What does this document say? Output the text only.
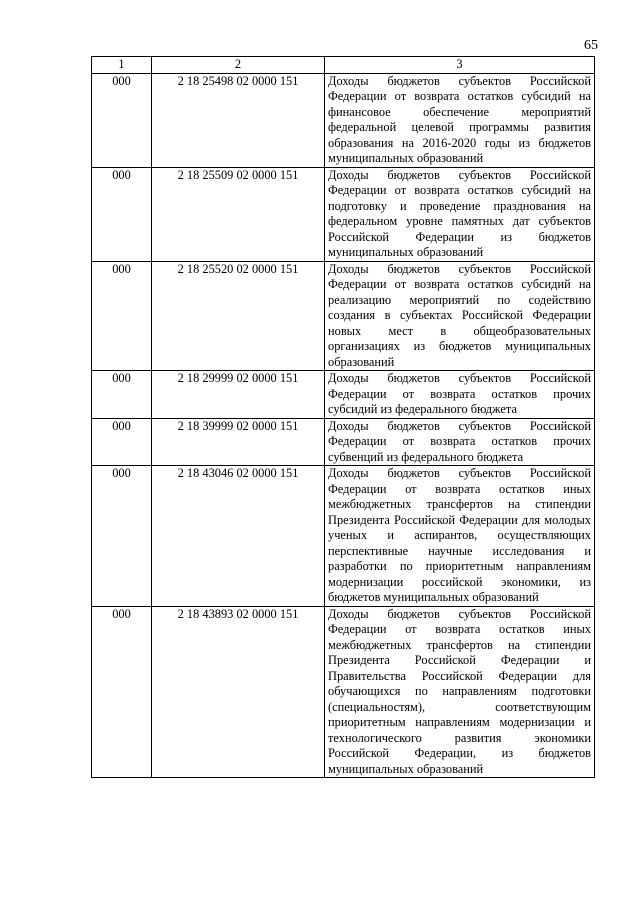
65
1	2	3
000	2 18 25498 02 0000 151	Доходы бюджетов субъектов Российской Федерации от возврата остатков субсидий на финансовое обеспечение мероприятий федеральной целевой программы развития образования на 2016-2020 годы из бюджетов муниципальных образований
000	2 18 25509 02 0000 151	Доходы бюджетов субъектов Российской Федерации от возврата остатков субсидий на подготовку и проведение празднования на федеральном уровне памятных дат субъектов Российской Федерации из бюджетов муниципальных образований
000	2 18 25520 02 0000 151	Доходы бюджетов субъектов Российской Федерации от возврата остатков субсидий на реализацию мероприятий по содействию создания в субъектах Российской Федерации новых мест в общеобразовательных организациях из бюджетов муниципальных образований
000	2 18 29999 02 0000 151	Доходы бюджетов субъектов Российской Федерации от возврата остатков прочих субсидий из федерального бюджета
000	2 18 39999 02 0000 151	Доходы бюджетов субъектов Российской Федерации от возврата остатков прочих субвенций из федерального бюджета
000	2 18 43046 02 0000 151	Доходы бюджетов субъектов Российской Федерации от возврата остатков иных межбюджетных трансфертов на стипендии Президента Российской Федерации для молодых ученых и аспирантов, осуществляющих перспективные научные исследования и разработки по приоритетным направлениям модернизации российской экономики, из бюджетов муниципальных образований
000	2 18 43893 02 0000 151	Доходы бюджетов субъектов Российской Федерации от возврата остатков иных межбюджетных трансфертов на стипендии Президента Российской Федерации и Правительства Российской Федерации для обучающихся по направлениям подготовки (специальностям), соответствующим приоритетным направлениям модернизации и технологического развития экономики Российской Федерации, из бюджетов муниципальных образований
